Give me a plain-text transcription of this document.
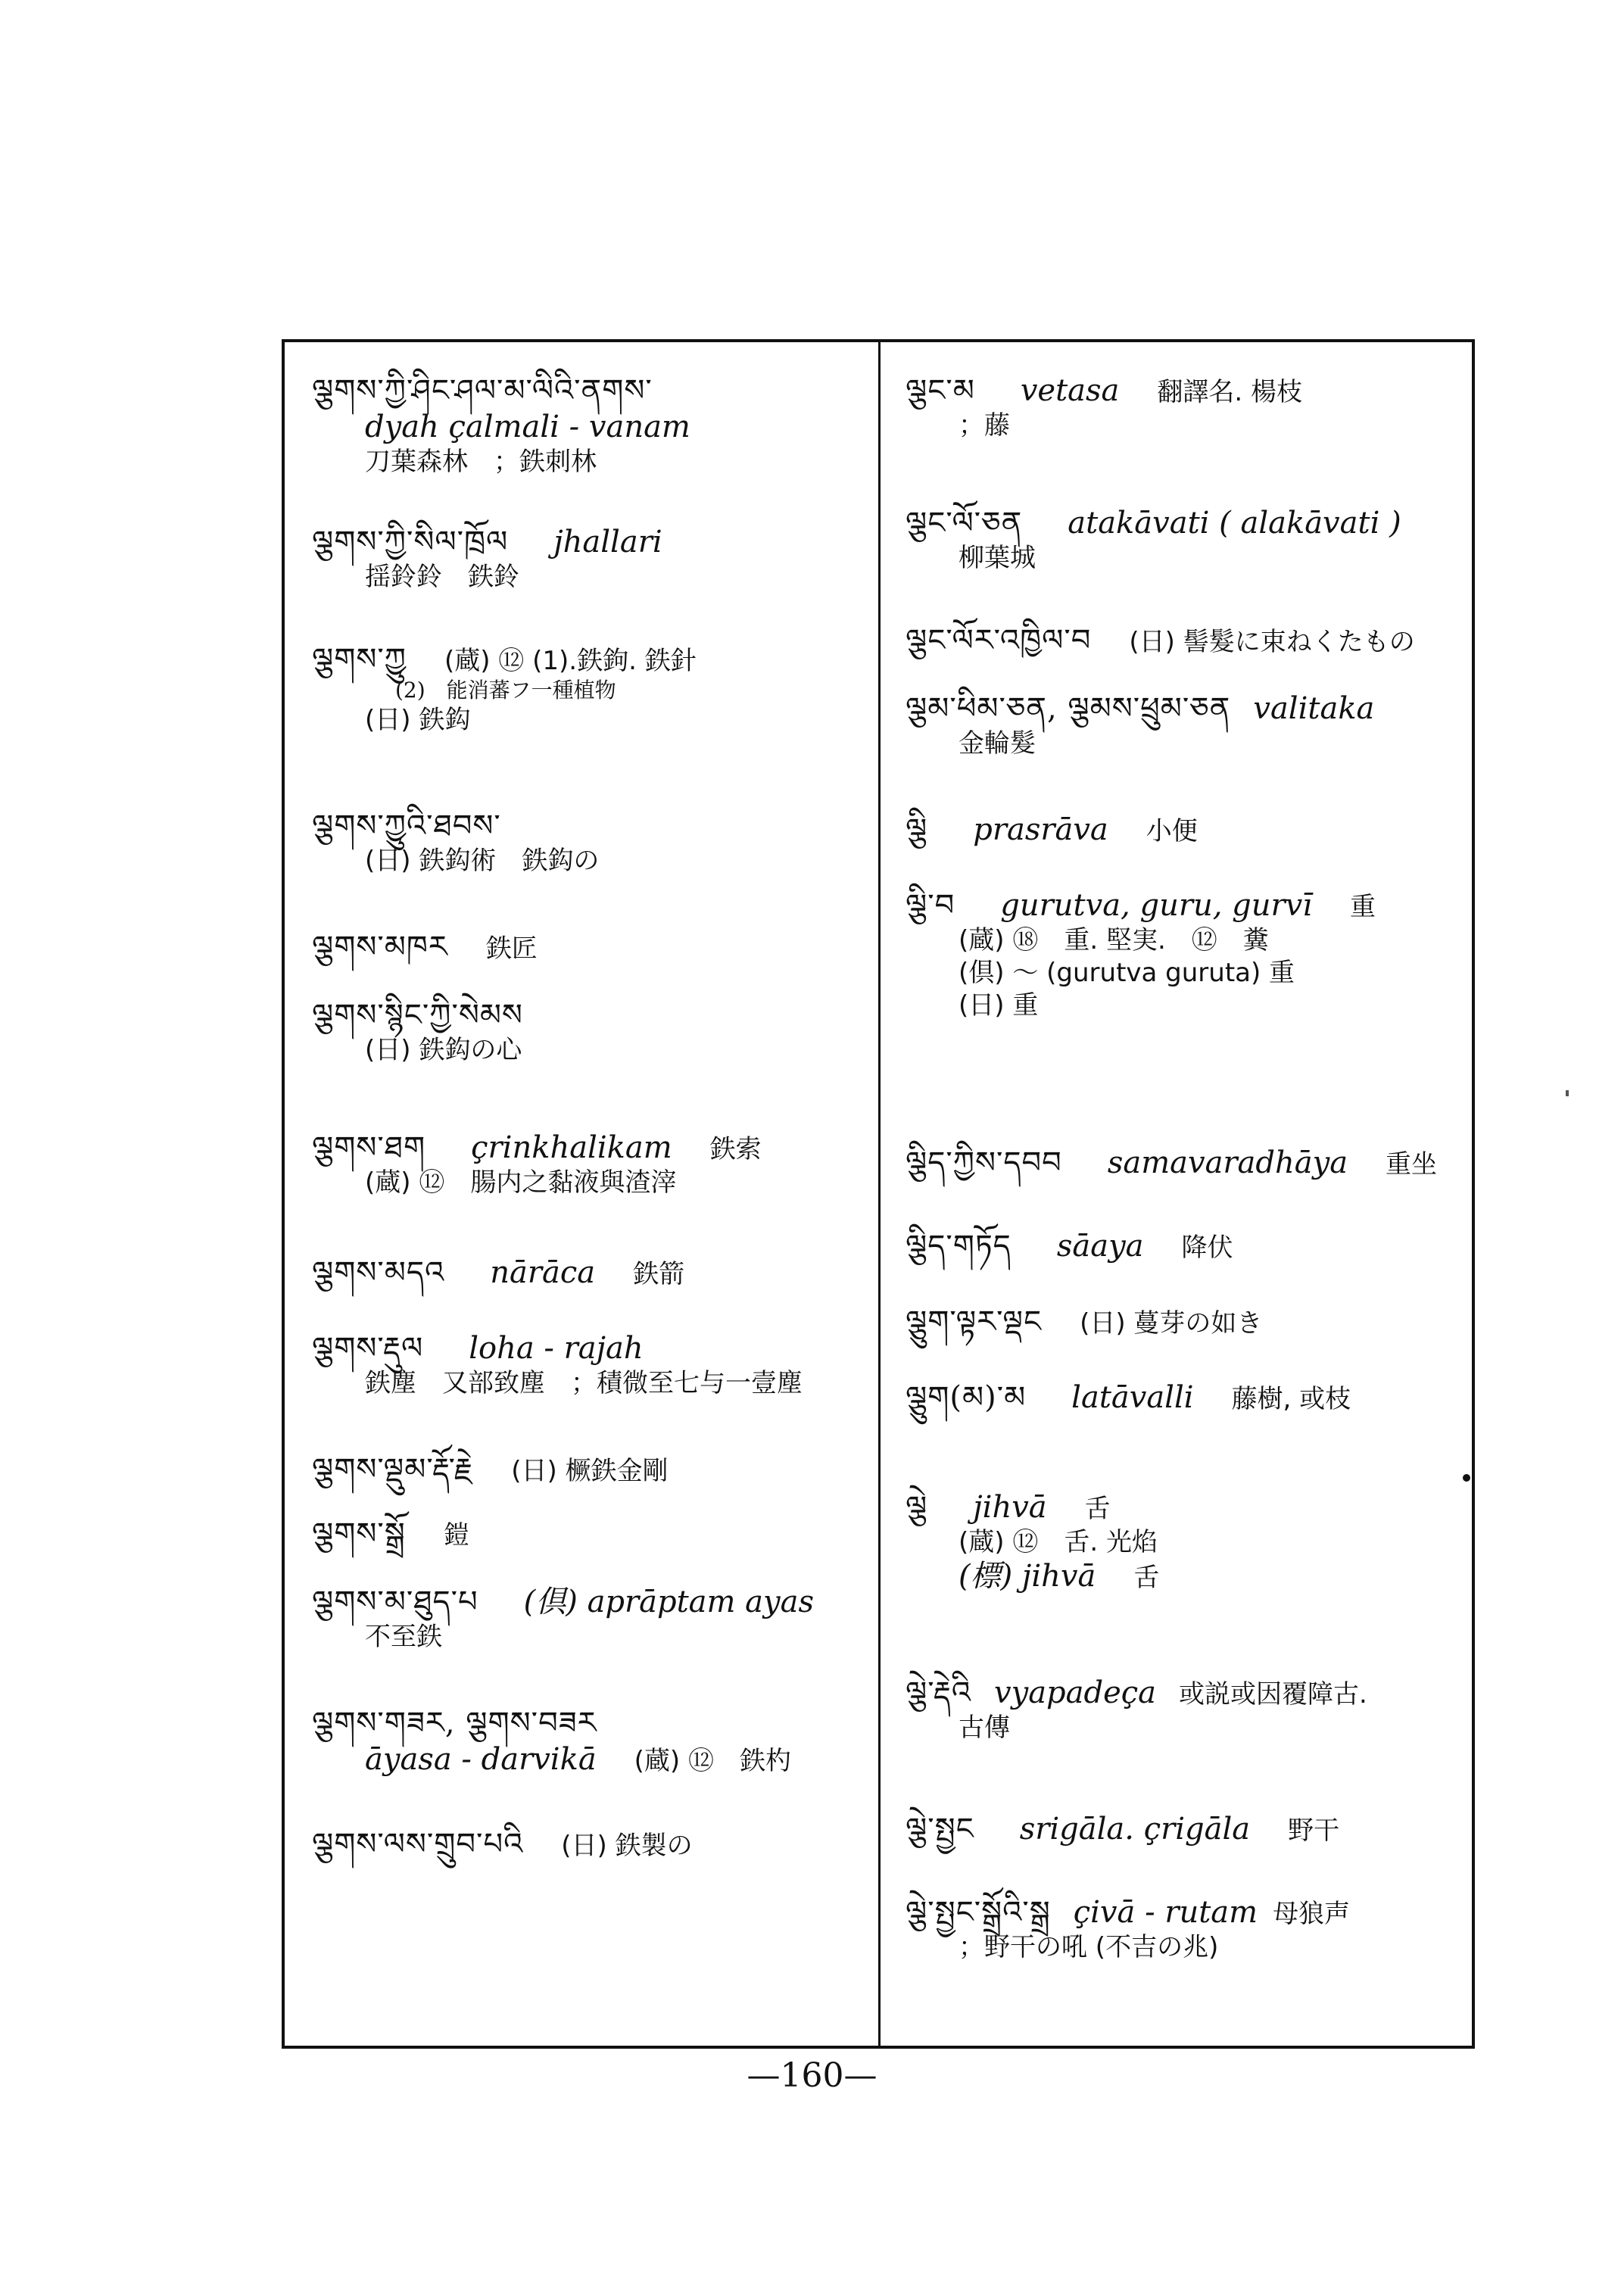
ལྕགས་ཀྱི་ཤིང་ཤལ་མ་ལིའི་ནགས་
dyah çalmali - vanam
刀葉森林　；鉄刺林
ལྕགས་ཀྱི་སིལ་ཁྲོལ jhallari
揺鈴鈴　鉄鈴
ལྕགས་ཀྱུ (蔵) ⑫ (1).鉄鉤. 鉄針
(2)　能消蕃フ一種植物
(日) 鉄鈎
ལྕགས་ཀྱུའི་ཐབས་
(日) 鉄鈎術　鉄鈎の
ལྕགས་མཁར 鉄匠
ལྕགས་སྙིང་ཀྱི་སེམས
(日) 鉄鈎の心
ལྕགས་ཐག çrinkhalikam 鉄索
(蔵) ⑫　腸内之黏液與渣滓
ལྕགས་མདའ nārāca 鉄箭
ལྕགས་རྡུལ loha - rajah
鉄塵　又部致塵　；積微至七与一壹塵
ལྕགས་ལྡུམ་རྡོ་རྗེ (日) 橛鉄金剛
ལྕགས་སྒྲོ 鎧
ལྕགས་མ་ཐུད་པ (倶) aprāptam ayas
不至鉄
ལྕགས་གཟར, ལྕགས་བཟར
āyasa - darvikā (蔵) ⑫　鉄杓
ལྕགས་ལས་གྲུབ་པའི (日) 鉄製の
ལྕང་མ vetasa 翻譯名. 楊枝
；藤
ལྕང་ལོ་ཅན atakāvati ( alakāvati )
柳葉城
ལྕང་ལོར་འཁྱིལ་བ (日) 髻髮に束ねくたもの
ལྕམ་ཕིམ་ཅན, ལྕམས་ཕྲུམ་ཅན valitaka
金輪髮
ལྕི prasrāva 小便
ལྕི་བ gurutva, guru, gurvī 重
(蔵) ⑱　重. 堅実.　⑫　糞
(倶) ～ (gurutva guruta) 重
(日) 重
ལྕིད་ཀྱིས་དབབ samavaradhāya 重坐
ལྕིད་གཏོད sāaya 降伏
ལྕུག་ལྟར་ལྡང (日) 蔓芽の如き
ལྕུག(མ)་མ latāvalli 藤樹, 或枝
ལྕེ jihvā 舌
(蔵) ⑫　舌. 光焰
(標) jihvā 舌
ལྕེ་རྡེའི vyapadeça 或説或因覆障古.
古傳
ལྕེ་སྤྱང srigāla. çrigāla 野干
ལྕེ་སྤྱང་སྒྲོའི་སྒྲ çivā - rutam 母狼声
；野干の吼 (不吉の兆)
—160—
